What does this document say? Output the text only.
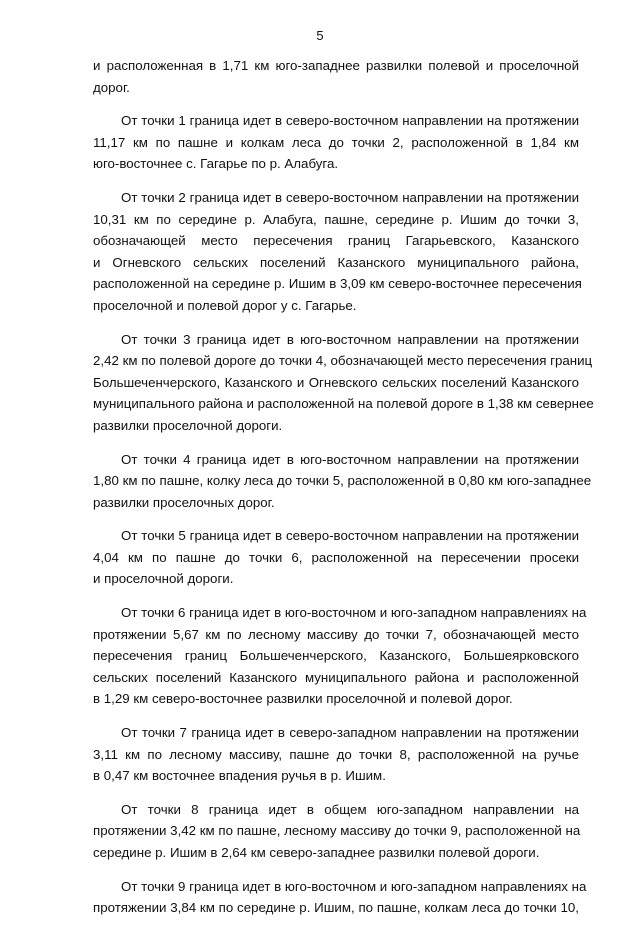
5

и расположенная в 1,71 км юго-западнее развилки полевой и проселочной
дорог.

От точки 1 граница идет в северо-восточном направлении на протяжении
11,17 км по пашне и колкам леса до точки 2, расположенной в 1,84 км
юго-восточнее с. Гагарье по р. Алабуга.

От точки 2 граница идет в северо-восточном направлении на протяжении
10,31 км по середине р. Алабуга, пашне, середине р. Ишим до точки 3,
обозначающей место пересечения границ Гагарьевского, Казанского
и Огневского сельских поселений Казанского муниципального района,
расположенной на середине р. Ишим в 3,09 км северо-восточнее пересечения
проселочной и полевой дорог у с. Гагарье.

От точки 3 граница идет в юго-восточном направлении на протяжении
2,42 км по полевой дороге до точки 4, обозначающей место пересечения границ
Большеченчерского, Казанского и Огневского сельских поселений Казанского
муниципального района и расположенной на полевой дороге в 1,38 км севернее
развилки проселочной дороги.

От точки 4 граница идет в юго-восточном направлении на протяжении
1,80 км по пашне, колку леса до точки 5, расположенной в 0,80 км юго-западнее
развилки проселочных дорог.

От точки 5 граница идет в северо-восточном направлении на протяжении
4,04 км по пашне до точки 6, расположенной на пересечении просеки
и проселочной дороги.

От точки 6 граница идет в юго-восточном и юго-западном направлениях на
протяжении 5,67 км по лесному массиву до точки 7, обозначающей место
пересечения границ Большеченчерского, Казанского, Большеярковского
сельских поселений Казанского муниципального района и расположенной
в 1,29 км северо-восточнее развилки проселочной и полевой дорог.

От точки 7 граница идет в северо-западном направлении на протяжении
3,11 км по лесному массиву, пашне до точки 8, расположенной на ручье
в 0,47 км восточнее впадения ручья в р. Ишим.

От точки 8 граница идет в общем юго-западном направлении на
протяжении 3,42 км по пашне, лесному массиву до точки 9, расположенной на
середине р. Ишим в 2,64 км северо-западнее развилки полевой дороги.

От точки 9 граница идет в юго-восточном и юго-западном направлениях на
протяжении 3,84 км по середине р. Ишим, по пашне, колкам леса до точки 10,
